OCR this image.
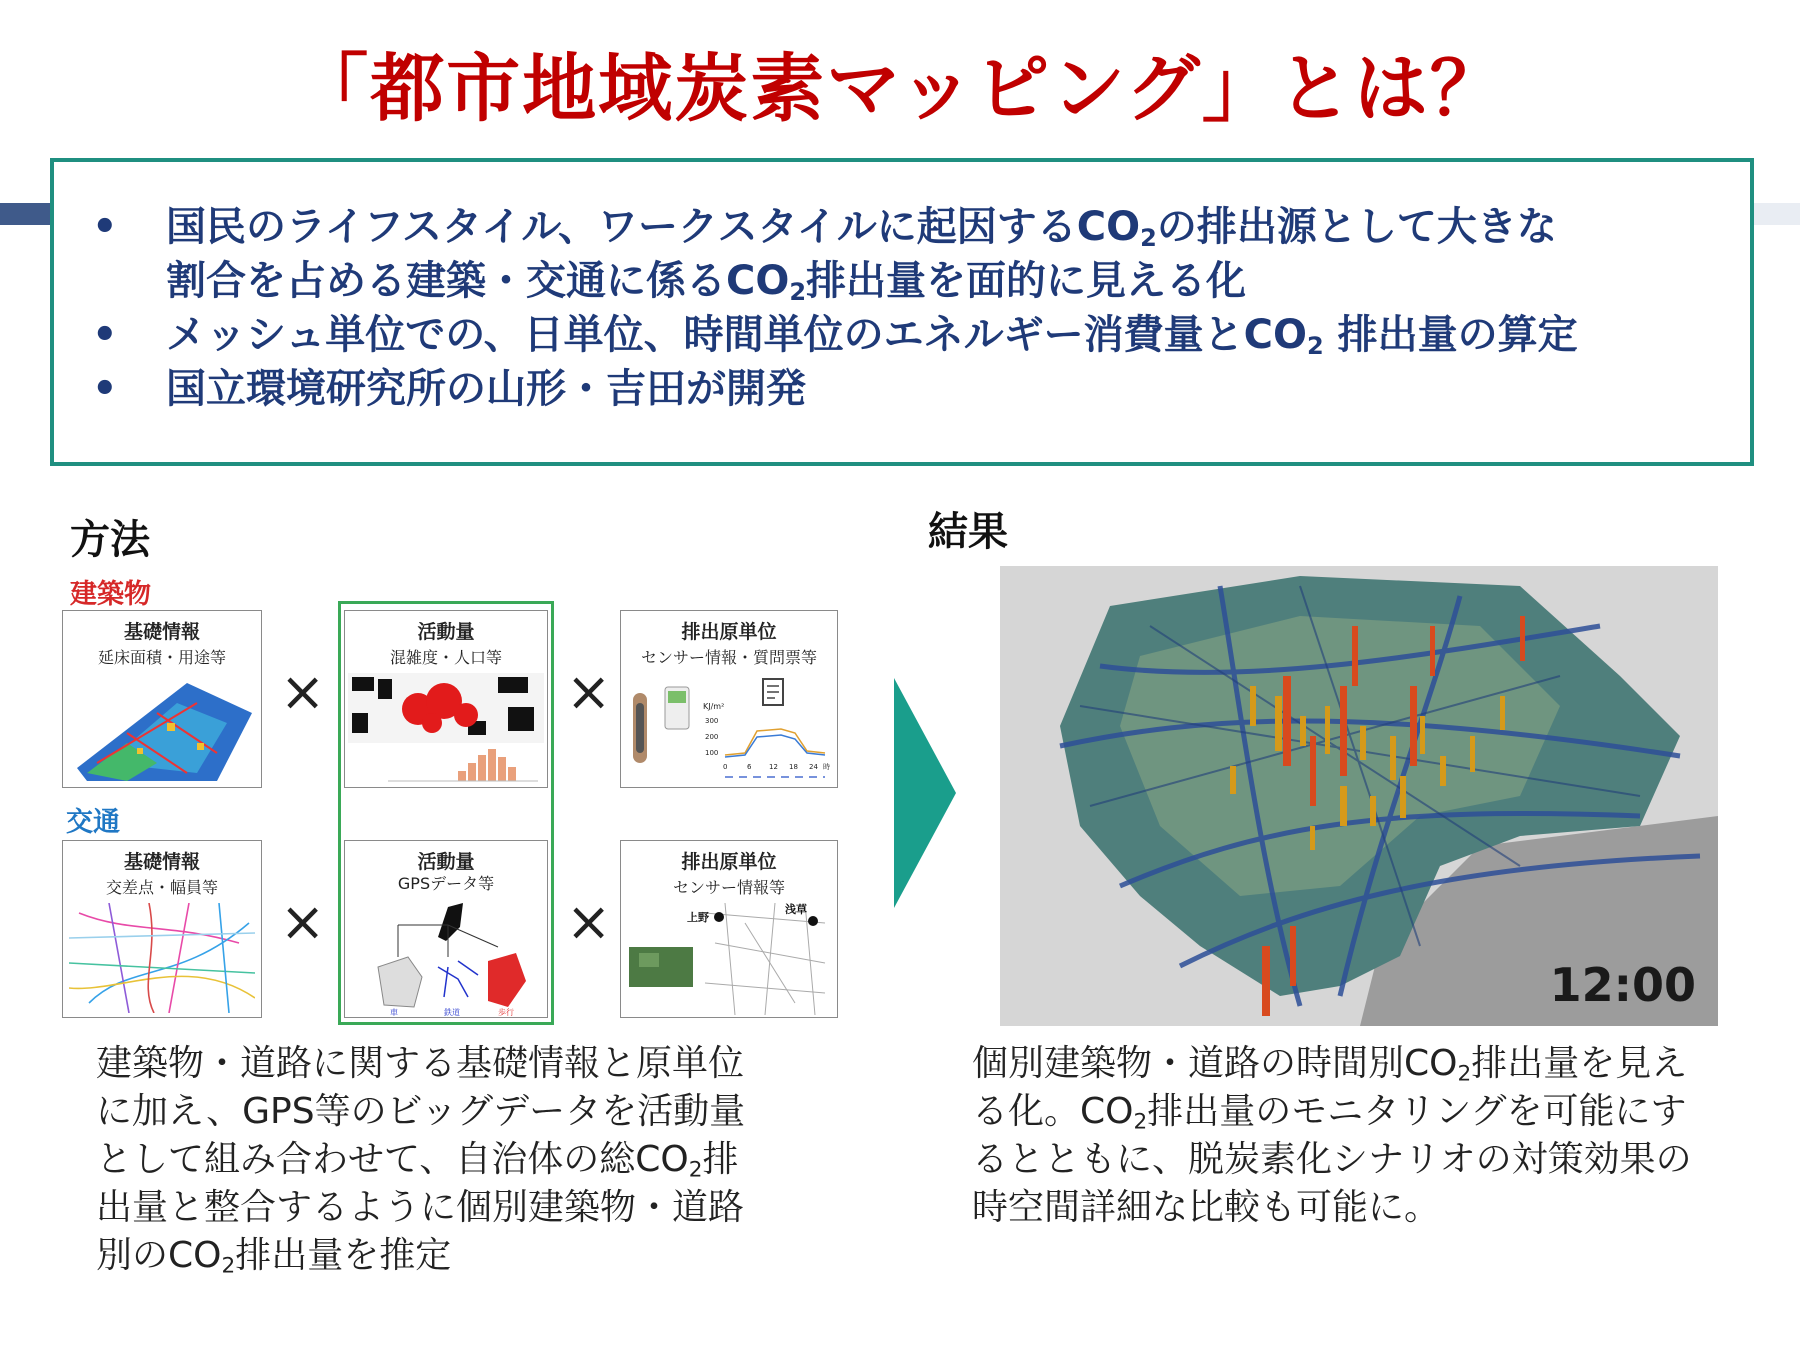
「都市地域炭素マッピング」とは？
• 国民のライフスタイル、ワークスタイルに起因する$CO_2$の排出源として大きな
割合を占める建築・交通に係る$CO_2$排出量を面的に見える化
• メッシュ単位での、日単位、時間単位のエネルギー消費量と$CO_2$ 排出量の算定
• 国立環境研究所の山形・吉田が開発
方法
建築物
交通
基礎情報
延床面積・用途等
×
活動量
混雑度・人口等
×
排出原単位
センサー情報・質問票等
KJ/m²
300
200
100
0	6	12 18 24 時
基礎情報
交差点・幅員等
×
活動量
GPSデータ等
車	鉄道	歩行
×
排出原単位
センサー情報等
上野
浅草
建築物・道路に関する基礎情報と原単位
に加え、GPS等のビッグデータを活動量
として組み合わせて、自治体の総$CO_2$排
出量と整合するように個別建築物・道路
別の$CO_2$排出量を推定
結果
12:00
個別建築物・道路の時間別$CO_2$排出量を見え
る化。$CO_2$排出量のモニタリングを可能にす
るとともに、脱炭素化シナリオの対策効果の
時空間詳細な比較も可能に。
